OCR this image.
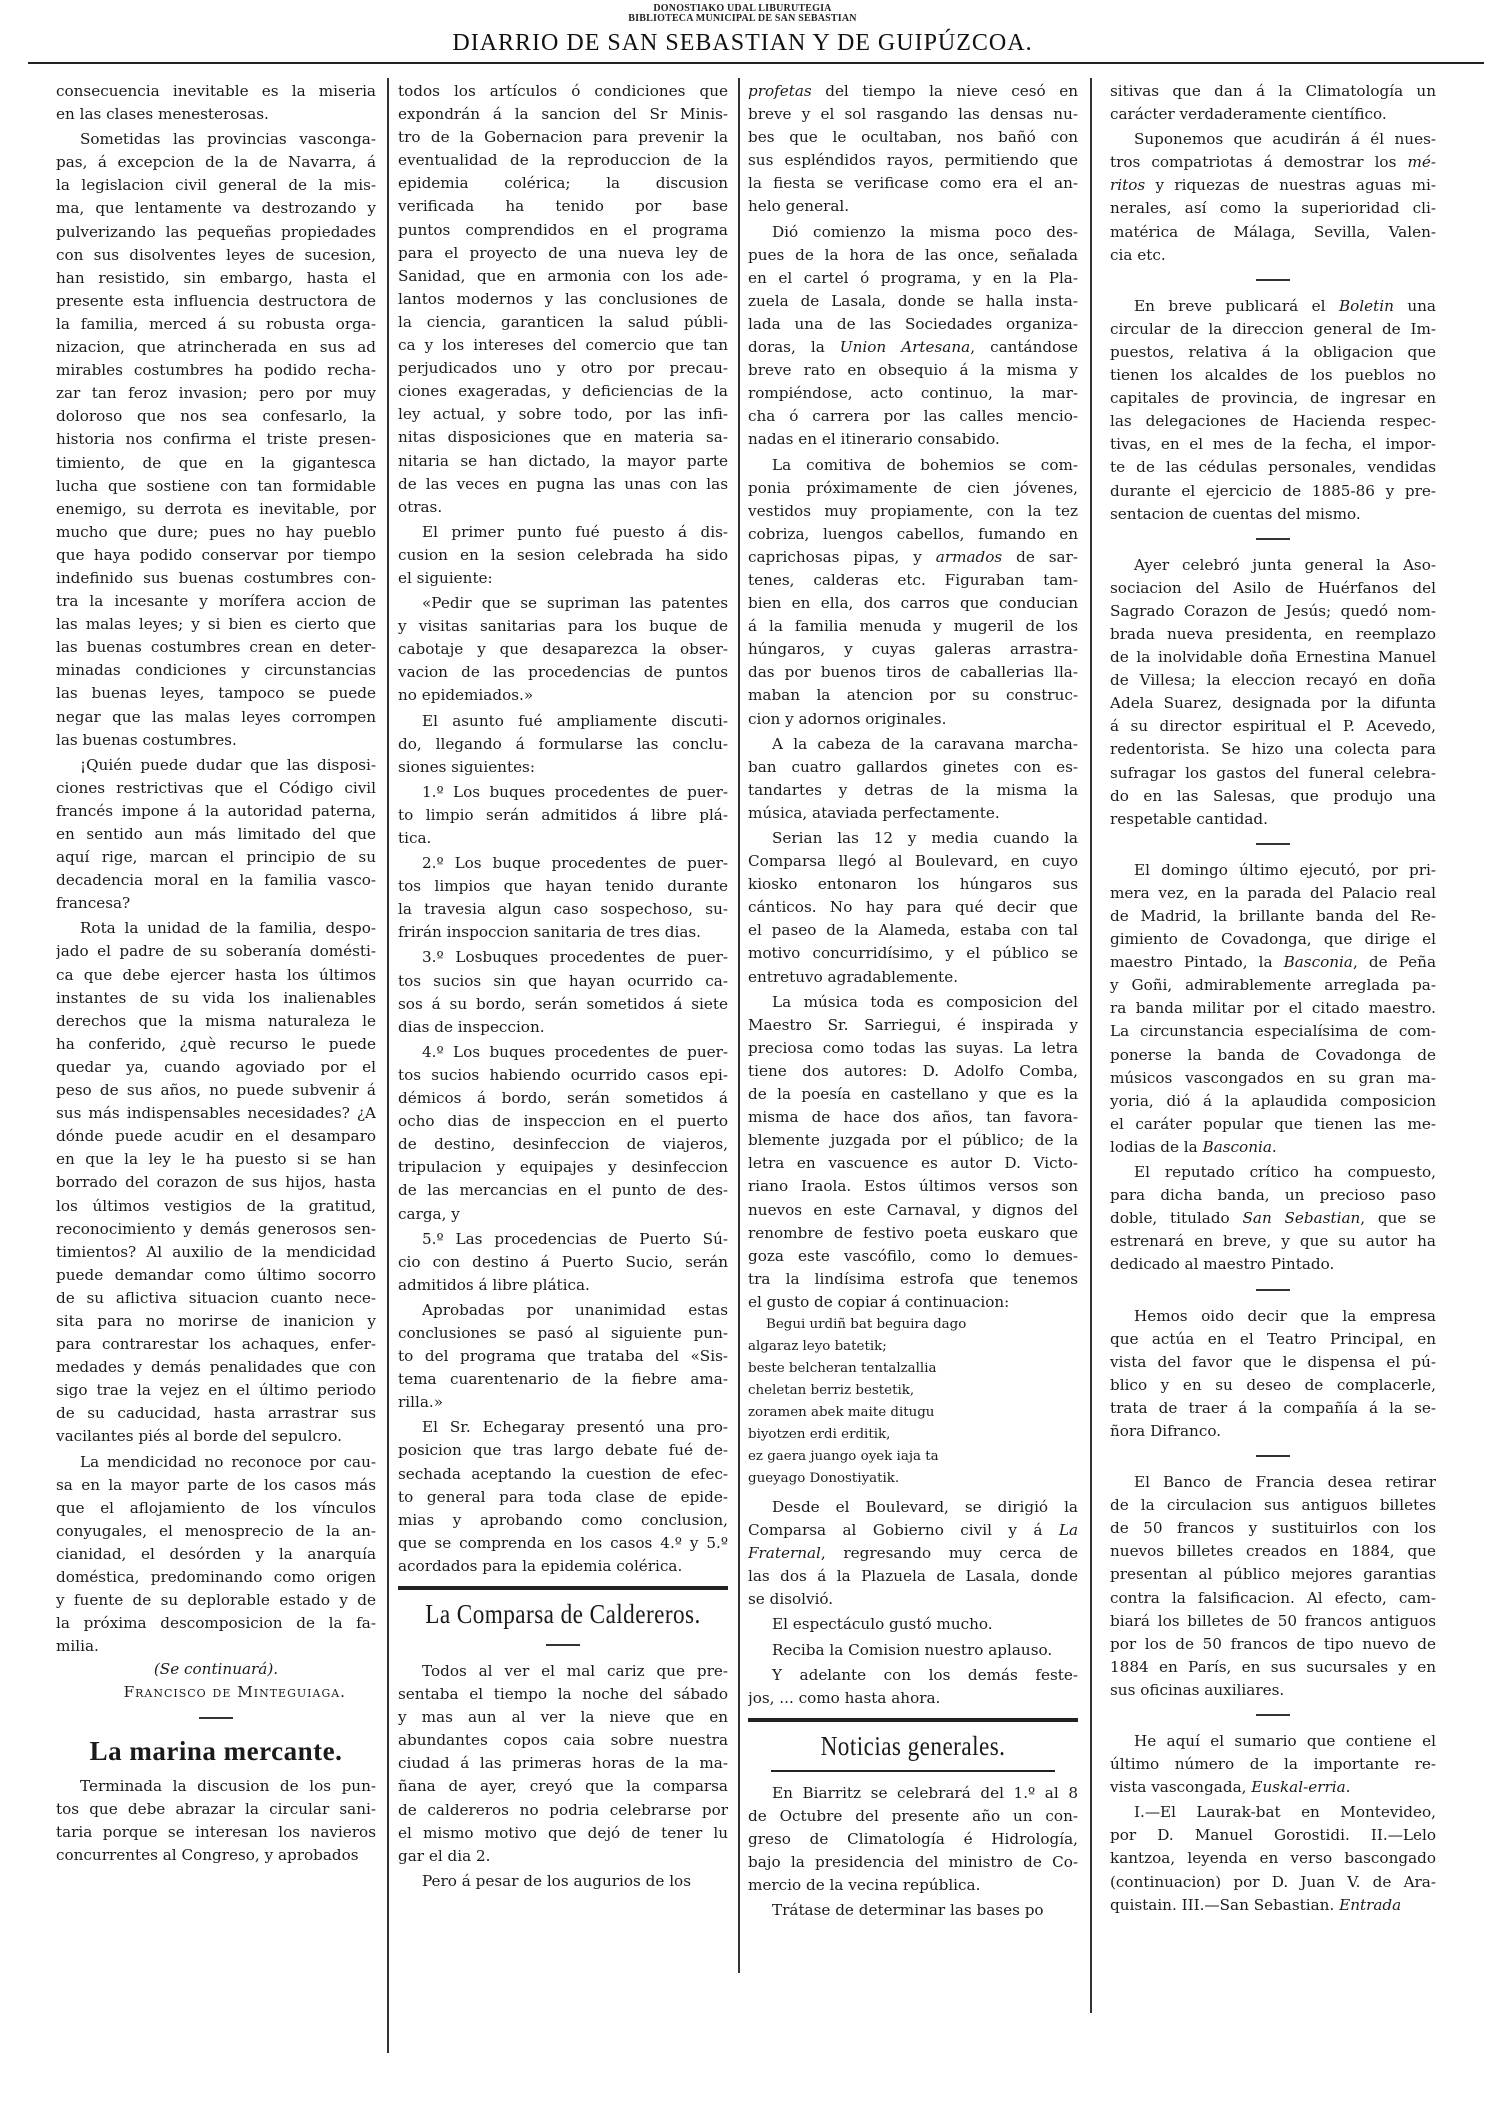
DONOSTIAKO UDAL LIBURUTEGIA
BIBLIOTECA MUNICIPAL DE SAN SEBASTIAN
DIARRIO DE SAN SEBASTIAN Y DE GUIPÚZCOA.
consecuencia inevitable es la miseria
en las clases menesterosas.
Sometidas las provincias vasconga-
pas, á excepcion de la de Navarra, á
la legislacion civil general de la mis-
ma, que lentamente va destrozando y
pulverizando las pequeñas propiedades
con sus disolventes leyes de sucesion,
han resistido, sin embargo, hasta el
presente esta influencia destructora de
la familia, merced á su robusta orga-
nizacion, que atrincherada en sus ad
mirables costumbres ha podido recha-
zar tan feroz invasion; pero por muy
doloroso que nos sea confesarlo, la
historia nos confirma el triste presen-
timiento, de que en la gigantesca
lucha que sostiene con tan formidable
enemigo, su derrota es inevitable, por
mucho que dure; pues no hay pueblo
que haya podido conservar por tiempo
indefinido sus buenas costumbres con-
tra la incesante y morífera accion de
las malas leyes; y si bien es cierto que
las buenas costumbres crean en deter-
minadas condiciones y circunstancias
las buenas leyes, tampoco se puede
negar que las malas leyes corrompen
las buenas costumbres.
¡Quién puede dudar que las disposi-
ciones restrictivas que el Código civil
francés impone á la autoridad paterna,
en sentido aun más limitado del que
aquí rige, marcan el principio de su
decadencia moral en la familia vasco-
francesa?
Rota la unidad de la familia, despo-
jado el padre de su soberanía domésti-
ca que debe ejercer hasta los últimos
instantes de su vida los inalienables
derechos que la misma naturaleza le
ha conferido, ¿què recurso le puede
quedar ya, cuando agoviado por el
peso de sus años, no puede subvenir á
sus más indispensables necesidades? ¿A
dónde puede acudir en el desamparo
en que la ley le ha puesto si se han
borrado del corazon de sus hijos, hasta
los últimos vestigios de la gratitud,
reconocimiento y demás generosos sen-
timientos? Al auxilio de la mendicidad
puede demandar como último socorro
de su aflictiva situacion cuanto nece-
sita para no morirse de inanicion y
para contrarestar los achaques, enfer-
medades y demás penalidades que con
sigo trae la vejez en el último periodo
de su caducidad, hasta arrastrar sus
vacilantes piés al borde del sepulcro.
La mendicidad no reconoce por cau-
sa en la mayor parte de los casos más
que el aflojamiento de los vínculos
conyugales, el menosprecio de la an-
cianidad, el desórden y la anarquía
doméstica, predominando como origen
y fuente de su deplorable estado y de
la próxima descomposicion de la fa-
milia.
(Se continuará).
Francisco de Minteguiaga.
La marina mercante.
Terminada la discusion de los pun-
tos que debe abrazar la circular sani-
taria porque se interesan los navieros
concurrentes al Congreso, y aprobados
todos los artículos ó condiciones que
expondrán á la sancion del Sr Minis-
tro de la Gobernacion para prevenir la
eventualidad de la reproduccion de la
epidemia colérica; la discusion
verificada ha tenido por base
puntos comprendidos en el programa
para el proyecto de una nueva ley de
Sanidad, que en armonia con los ade-
lantos modernos y las conclusiones de
la ciencia, garanticen la salud públi-
ca y los intereses del comercio que tan
perjudicados uno y otro por precau-
ciones exageradas, y deficiencias de la
ley actual, y sobre todo, por las infi-
nitas disposiciones que en materia sa-
nitaria se han dictado, la mayor parte
de las veces en pugna las unas con las
otras.
El primer punto fué puesto á dis-
cusion en la sesion celebrada ha sido
el siguiente:
«Pedir que se supriman las patentes
y visitas sanitarias para los buque de
cabotaje y que desaparezca la obser-
vacion de las procedencias de puntos
no epidemiados.»
El asunto fué ampliamente discuti-
do, llegando á formularse las conclu-
siones siguientes:
1.º Los buques procedentes de puer-
to limpio serán admitidos á libre plá-
tica.
2.º Los buque procedentes de puer-
tos limpios que hayan tenido durante
la travesia algun caso sospechoso, su-
frirán inspoccion sanitaria de tres dias.
3.º Losbuques procedentes de puer-
tos sucios sin que hayan ocurrido ca-
sos á su bordo, serán sometidos á siete
dias de inspeccion.
4.º Los buques procedentes de puer-
tos sucios habiendo ocurrido casos epi-
démicos á bordo, serán sometidos á
ocho dias de inspeccion en el puerto
de destino, desinfeccion de viajeros,
tripulacion y equipajes y desinfeccion
de las mercancias en el punto de des-
carga, y
5.º Las procedencias de Puerto Sú-
cio con destino á Puerto Sucio, serán
admitidos á libre plática.
Aprobadas por unanimidad estas
conclusiones se pasó al siguiente pun-
to del programa que trataba del «Sis-
tema cuarentenario de la fiebre ama-
rilla.»
El Sr. Echegaray presentó una pro-
posicion que tras largo debate fué de-
sechada aceptando la cuestion de efec-
to general para toda clase de epide-
mias y aprobando como conclusion,
que se comprenda en los casos 4.º y 5.º
acordados para la epidemia colérica.
La Comparsa de Caldereros.
Todos al ver el mal cariz que pre-
sentaba el tiempo la noche del sábado
y mas aun al ver la nieve que en
abundantes copos caia sobre nuestra
ciudad á las primeras horas de la ma-
ñana de ayer, creyó que la comparsa
de caldereros no podria celebrarse por
el mismo motivo que dejó de tener lu
gar el dia 2.
Pero á pesar de los augurios de los
profetas del tiempo la nieve cesó en
breve y el sol rasgando las densas nu-
bes que le ocultaban, nos bañó con
sus espléndidos rayos, permitiendo que
la fiesta se verificase como era el an-
helo general.
Dió comienzo la misma poco des-
pues de la hora de las once, señalada
en el cartel ó programa, y en la Pla-
zuela de Lasala, donde se halla insta-
lada una de las Sociedades organiza-
doras, la Union Artesana, cantándose
breve rato en obsequio á la misma y
rompiéndose, acto continuo, la mar-
cha ó carrera por las calles mencio-
nadas en el itinerario consabido.
La comitiva de bohemios se com-
ponia próximamente de cien jóvenes,
vestidos muy propiamente, con la tez
cobriza, luengos cabellos, fumando en
caprichosas pipas, y armados de sar-
tenes, calderas etc. Figuraban tam-
bien en ella, dos carros que conducian
á la familia menuda y mugeril de los
húngaros, y cuyas galeras arrastra-
das por buenos tiros de caballerias lla-
maban la atencion por su construc-
cion y adornos originales.
A la cabeza de la caravana marcha-
ban cuatro gallardos ginetes con es-
tandartes y detras de la misma la
música, ataviada perfectamente.
Serian las 12 y media cuando la
Comparsa llegó al Boulevard, en cuyo
kiosko entonaron los húngaros sus
cánticos. No hay para qué decir que
el paseo de la Alameda, estaba con tal
motivo concurridísimo, y el público se
entretuvo agradablemente.
La música toda es composicion del
Maestro Sr. Sarriegui, é inspirada y
preciosa como todas las suyas. La letra
tiene dos autores: D. Adolfo Comba,
de la poesía en castellano y que es la
misma de hace dos años, tan favora-
blemente juzgada por el público; de la
letra en vascuence es autor D. Victo-
riano Iraola. Estos últimos versos son
nuevos en este Carnaval, y dignos del
renombre de festivo poeta euskaro que
goza este vascófilo, como lo demues-
tra la lindísima estrofa que tenemos
el gusto de copiar á continuacion:
Begui urdiñ bat beguira dago
algaraz leyo batetik;
beste belcheran tentalzallia
cheletan berriz bestetik,
zoramen abek maite ditugu
biyotzen erdi erditik,
ez gaera juango oyek iaja ta
gueyago Donostiyatik.
Desde el Boulevard, se dirigió la
Comparsa al Gobierno civil y á La
Fraternal, regresando muy cerca de
las dos á la Plazuela de Lasala, donde
se disolvió.
El espectáculo gustó mucho.
Reciba la Comision nuestro aplauso.
Y adelante con los demás feste-
jos, ... como hasta ahora.
Noticias generales.
En Biarritz se celebrará del 1.º al 8
de Octubre del presente año un con-
greso de Climatología é Hidrología,
bajo la presidencia del ministro de Co-
mercio de la vecina república.
Trátase de determinar las bases po
sitivas que dan á la Climatología un
carácter verdaderamente científico.
Suponemos que acudirán á él nues-
tros compatriotas á demostrar los mé-
ritos y riquezas de nuestras aguas mi-
nerales, así como la superioridad cli-
matérica de Málaga, Sevilla, Valen-
cia etc.
En breve publicará el Boletin una
circular de la direccion general de Im-
puestos, relativa á la obligacion que
tienen los alcaldes de los pueblos no
capitales de provincia, de ingresar en
las delegaciones de Hacienda respec-
tivas, en el mes de la fecha, el impor-
te de las cédulas personales, vendidas
durante el ejercicio de 1885-86 y pre-
sentacion de cuentas del mismo.
Ayer celebró junta general la Aso-
sociacion del Asilo de Huérfanos del
Sagrado Corazon de Jesús; quedó nom-
brada nueva presidenta, en reemplazo
de la inolvidable doña Ernestina Manuel
de Villesa; la eleccion recayó en doña
Adela Suarez, designada por la difunta
á su director espiritual el P. Acevedo,
redentorista. Se hizo una colecta para
sufragar los gastos del funeral celebra-
do en las Salesas, que produjo una
respetable cantidad.
El domingo último ejecutó, por pri-
mera vez, en la parada del Palacio real
de Madrid, la brillante banda del Re-
gimiento de Covadonga, que dirige el
maestro Pintado, la Basconia, de Peña
y Goñi, admirablemente arreglada pa-
ra banda militar por el citado maestro.
La circunstancia especialísima de com-
ponerse la banda de Covadonga de
músicos vascongados en su gran ma-
yoria, dió á la aplaudida composicion
el caráter popular que tienen las me-
lodias de la Basconia.
El reputado crítico ha compuesto,
para dicha banda, un precioso paso
doble, titulado San Sebastian, que se
estrenará en breve, y que su autor ha
dedicado al maestro Pintado.
Hemos oido decir que la empresa
que actúa en el Teatro Principal, en
vista del favor que le dispensa el pú-
blico y en su deseo de complacerle,
trata de traer á la compañía á la se-
ñora Difranco.
El Banco de Francia desea retirar
de la circulacion sus antiguos billetes
de 50 francos y sustituirlos con los
nuevos billetes creados en 1884, que
presentan al público mejores garantias
contra la falsificacion. Al efecto, cam-
biará los billetes de 50 francos antiguos
por los de 50 francos de tipo nuevo de
1884 en París, en sus sucursales y en
sus oficinas auxiliares.
He aquí el sumario que contiene el
último número de la importante re-
vista vascongada, Euskal-erria.
I.—El Laurak-bat en Montevideo,
por D. Manuel Gorostidi. II.—Lelo
kantzoa, leyenda en verso bascongado
(continuacion) por D. Juan V. de Ara-
quistain. III.—San Sebastian. Entrada
